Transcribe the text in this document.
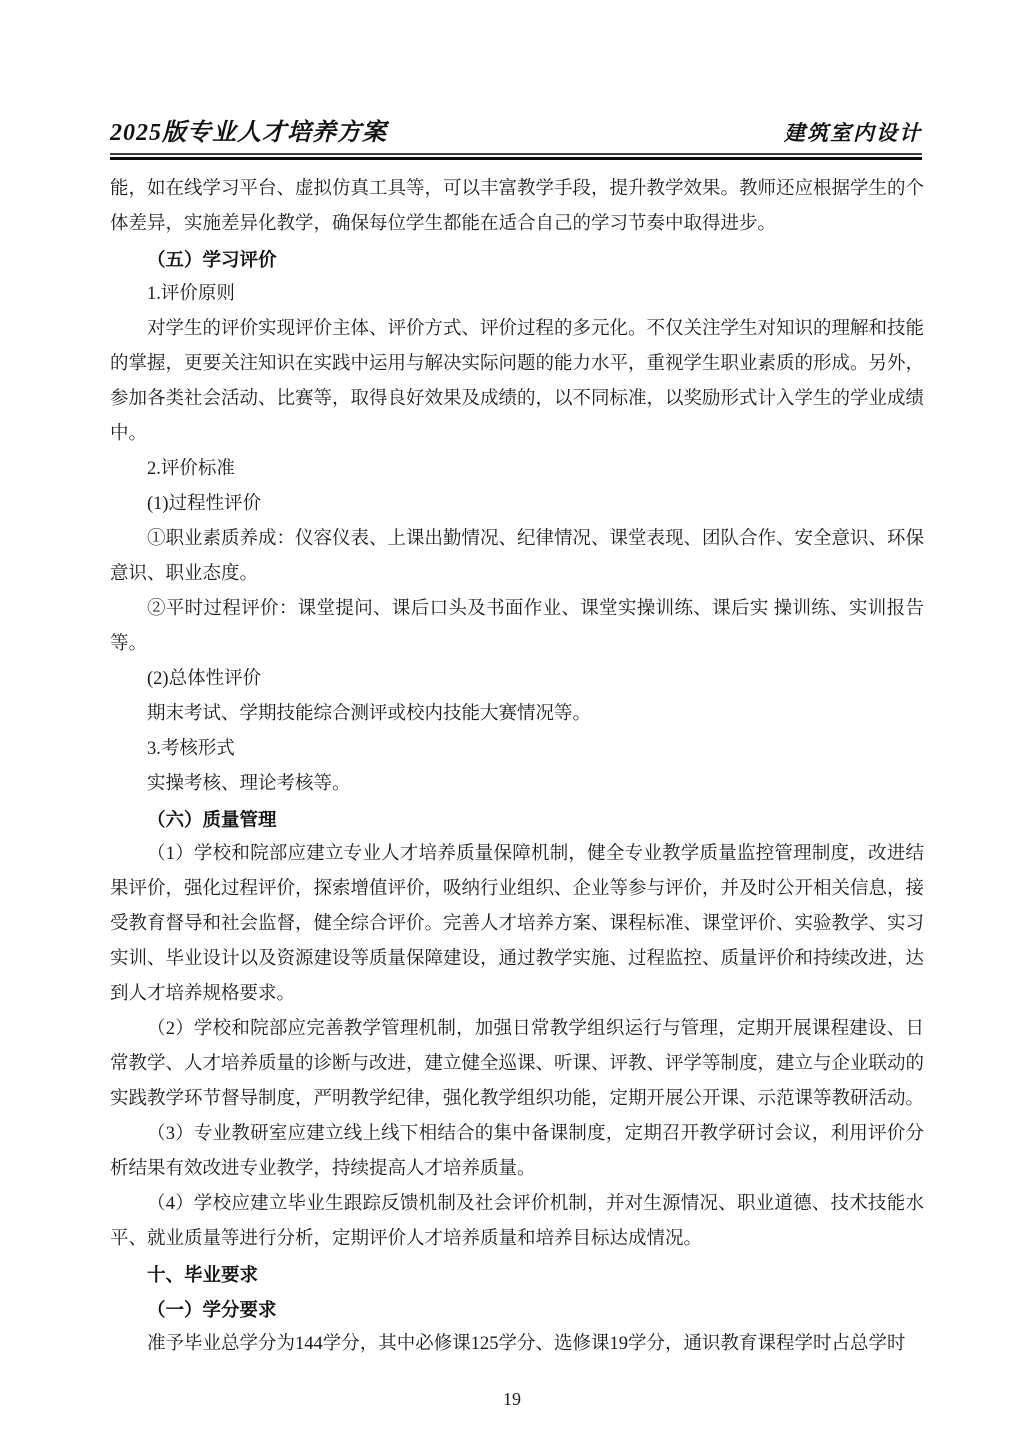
2025版专业人才培养方案	建筑室内设计

能，如在线学习平台、虚拟仿真工具等，可以丰富教学手段，提升教学效果。教师还应根据学生的个体差异，实施差异化教学，确保每位学生都能在适合自己的学习节奏中取得进步。

（五）学习评价

1.评价原则

对学生的评价实现评价主体、评价方式、评价过程的多元化。不仅关注学生对知识的理解和技能的掌握，更要关注知识在实践中运用与解决实际问题的能力水平，重视学生职业素质的形成。另外，参加各类社会活动、比赛等，取得良好效果及成绩的，以不同标准，以奖励形式计入学生的学业成绩中。

2.评价标准

(1)过程性评价

①职业素质养成：仪容仪表、上课出勤情况、纪律情况、课堂表现、团队合作、安全意识、环保意识、职业态度。

②平时过程评价：课堂提问、课后口头及书面作业、课堂实操训练、课后实 操训练、实训报告等。

(2)总体性评价

期末考试、学期技能综合测评或校内技能大赛情况等。

3.考核形式

实操考核、理论考核等。

（六）质量管理

（1）学校和院部应建立专业人才培养质量保障机制，健全专业教学质量监控管理制度，改进结果评价，强化过程评价，探索增值评价，吸纳行业组织、企业等参与评价，并及时公开相关信息，接受教育督导和社会监督，健全综合评价。完善人才培养方案、课程标准、课堂评价、实验教学、实习实训、毕业设计以及资源建设等质量保障建设，通过教学实施、过程监控、质量评价和持续改进，达到人才培养规格要求。

（2）学校和院部应完善教学管理机制，加强日常教学组织运行与管理，定期开展课程建设、日常教学、人才培养质量的诊断与改进，建立健全巡课、听课、评教、评学等制度，建立与企业联动的实践教学环节督导制度，严明教学纪律，强化教学组织功能，定期开展公开课、示范课等教研活动。

（3）专业教研室应建立线上线下相结合的集中备课制度，定期召开教学研讨会议，利用评价分析结果有效改进专业教学，持续提高人才培养质量。

（4）学校应建立毕业生跟踪反馈机制及社会评价机制，并对生源情况、职业道德、技术技能水平、就业质量等进行分析，定期评价人才培养质量和培养目标达成情况。

十、毕业要求

（一）学分要求

准予毕业总学分为144学分，其中必修课125学分、选修课19学分，通识教育课程学时占总学时

19
